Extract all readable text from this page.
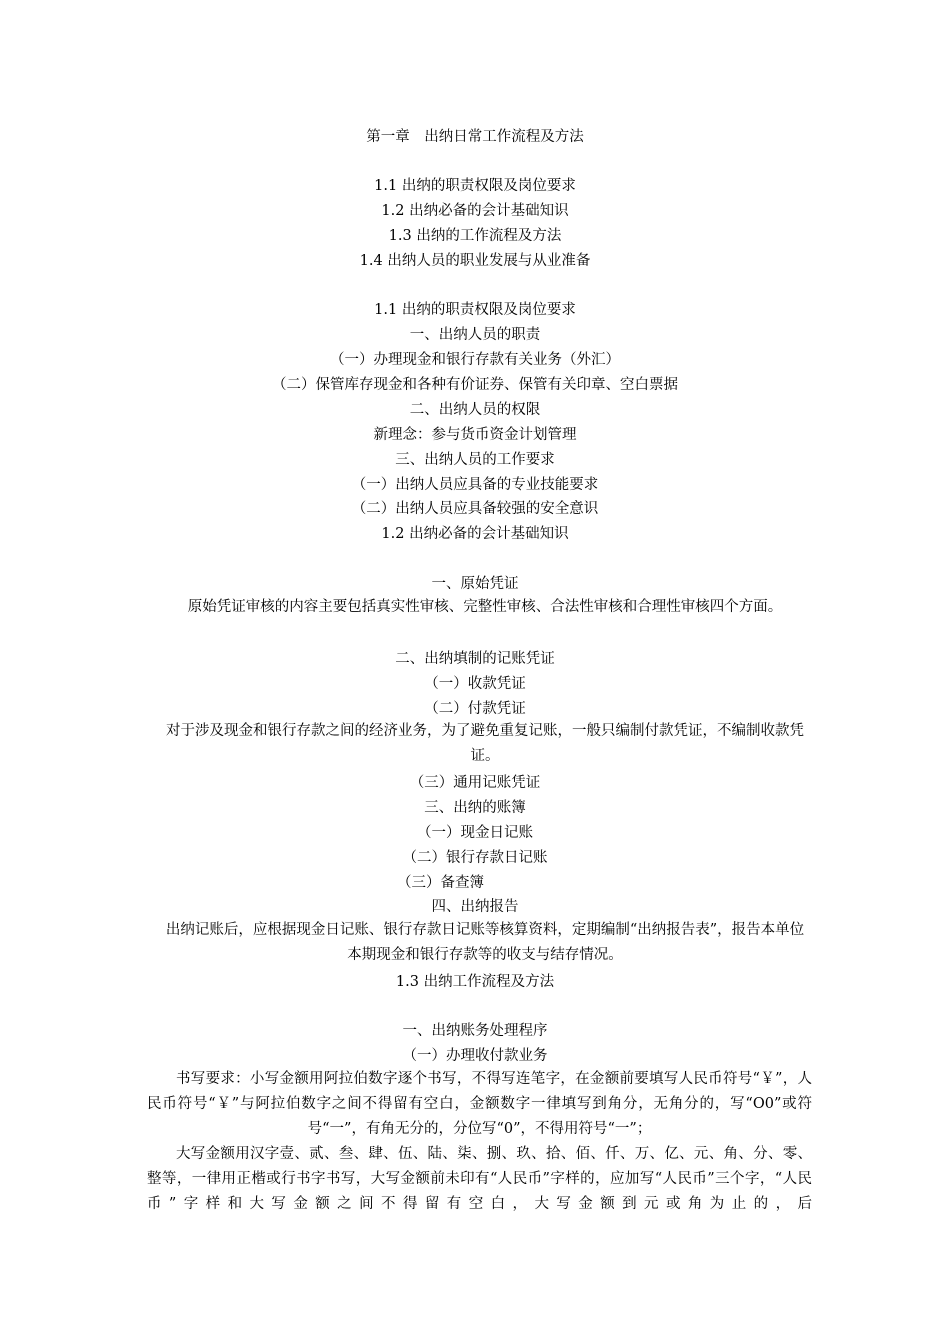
第一章　出纳日常工作流程及方法
1.1 出纳的职责权限及岗位要求
1.2 出纳必备的会计基础知识
1.3 出纳的工作流程及方法
1.4 出纳人员的职业发展与从业准备
1.1 出纳的职责权限及岗位要求
一、出纳人员的职责
（一）办理现金和银行存款有关业务（外汇）
（二）保管库存现金和各种有价证券、保管有关印章、空白票据
二、出纳人员的权限
新理念：参与货币资金计划管理
三、出纳人员的工作要求
（一）出纳人员应具备的专业技能要求
（二）出纳人员应具备较强的安全意识
1.2 出纳必备的会计基础知识
一、原始凭证
原始凭证审核的内容主要包括真实性审核、完整性审核、合法性审核和合理性审核四个方面。
二、出纳填制的记账凭证
（一）收款凭证
（二）付款凭证
对于涉及现金和银行存款之间的经济业务，为了避免重复记账，一般只编制付款凭证，不编制收款凭证。
（三）通用记账凭证
三、出纳的账簿
（一）现金日记账
（二）银行存款日记账
（三）备查簿
四、出纳报告
出纳记账后，应根据现金日记账、银行存款日记账等核算资料，定期编制“出纳报告表”，报告本单位本期现金和银行存款等的收支与结存情况。
1.3 出纳工作流程及方法
一、出纳账务处理程序
（一）办理收付款业务
书写要求：小写金额用阿拉伯数字逐个书写，不得写连笔字，在金额前要填写人民币符号“￥”，人民币符号“￥”与阿拉伯数字之间不得留有空白，金额数字一律填写到角分，无角分的，写“O0”或符号“一”，有角无分的，分位写“0”，不得用符号“一”；
大写金额用汉字壹、贰、叁、肆、伍、陆、柒、捌、玖、拾、佰、仟、万、亿、元、角、分、零、整等，一律用正楷或行书字书写，大写金额前未印有“人民币”字样的，应加写“人民币”三个字，“人民币”字样和大写金额之间不得留有空白，大写金额到元或角为止的，后
